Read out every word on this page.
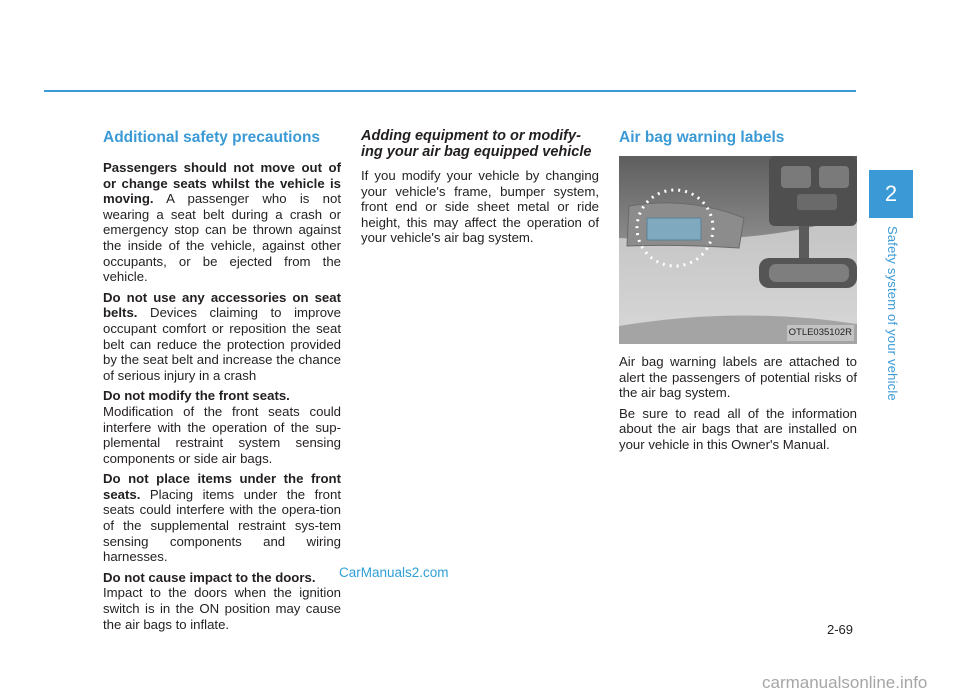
Additional safety precautions

Passengers should not move out of or change seats whilst the vehicle is moving. A passenger who is not wearing a seat belt during a crash or emergency stop can be thrown against the inside of the vehicle, against other occupants, or be ejected from the vehicle.

Do not use any accessories on seat belts. Devices claiming to improve occupant comfort or reposition the seat belt can reduce the protection provided by the seat belt and increase the chance of serious injury in a crash

Do not modify the front seats.
Modification of the front seats could interfere with the operation of the sup-plemental restraint system sensing components or side air bags.

Do not place items under the front seats. Placing items under the front seats could interfere with the opera-tion of the supplemental restraint sys-tem sensing components and wiring harnesses.

Do not cause impact to the doors.
Impact to the doors when the ignition switch is in the ON position may cause the air bags to inflate.

Adding equipment to or modify-ing your air bag equipped vehicle

If you modify your vehicle by changing your vehicle's frame, bumper system, front end or side sheet metal or ride height, this may affect the operation of your vehicle's air bag system.

Air bag warning labels
OTLE035102R

Air bag warning labels are attached to alert the passengers of potential risks of the air bag system.

Be sure to read all of the information about the air bags that are installed on your vehicle in this Owner's Manual.

CarManuals2.com
2
Safety system of your vehicle
2-69
carmanualsonline.info
